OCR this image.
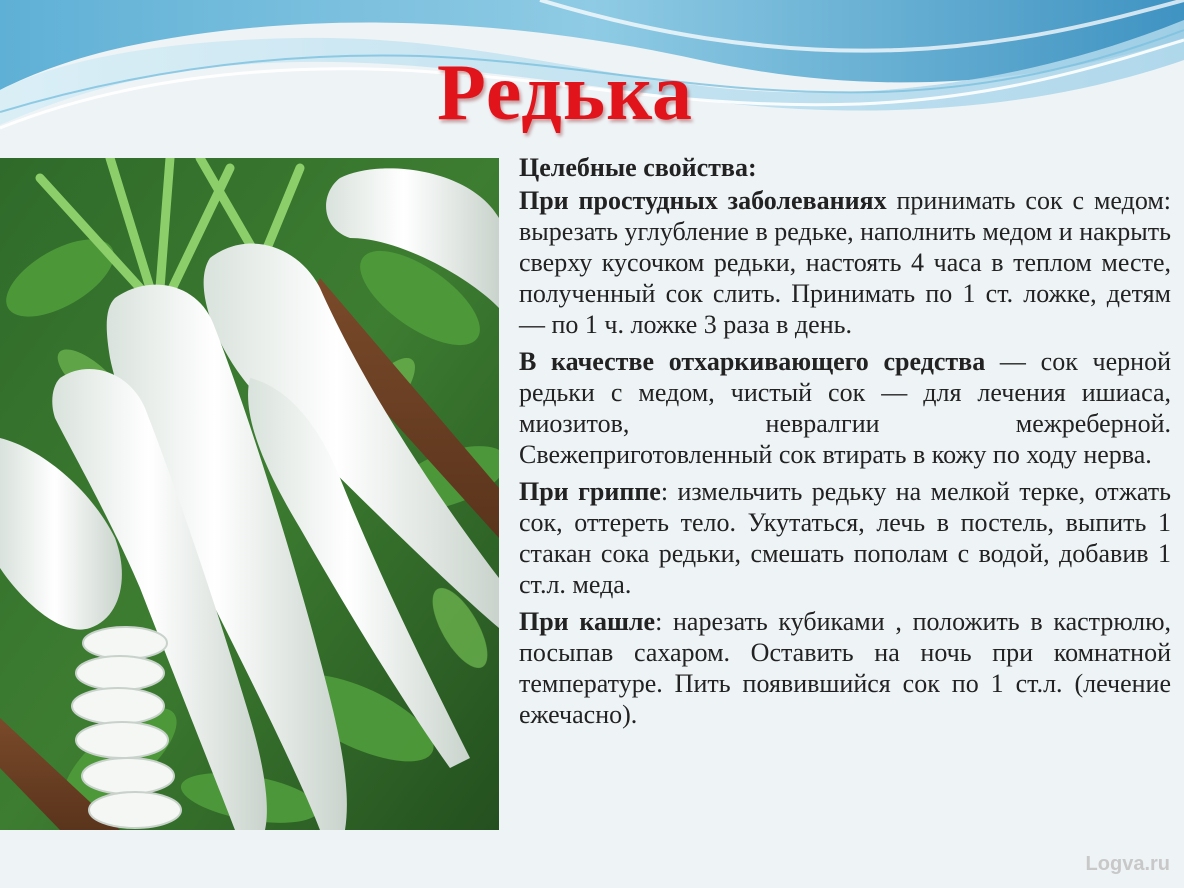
Редька
Целебные свойства:
При простудных заболеваниях принимать сок с медом: вырезать углубление в редьке, наполнить медом и накрыть сверху кусочком редьки, настоять 4 часа в теплом месте, полученный сок слить. Принимать по 1 ст. ложке, детям — по 1 ч. ложке 3 раза в день.
В качестве отхаркивающего средства — сок черной редьки с медом, чистый сок — для лечения ишиаса, миозитов, невралгии межреберной. Свежеприготовленный сок втирать в кожу по ходу нерва.
При гриппе: измельчить редьку на мелкой терке, отжать сок, оттереть тело. Укутаться, лечь в постель, выпить 1 стакан сока редьки, смешать пополам с водой, добавив 1 ст.л. меда.
При кашле: нарезать кубиками , положить в кастрюлю, посыпав сахаром. Оставить на ночь при комнатной температуре. Пить появившийся сок по 1 ст.л. (лечение ежечасно).
Logva.ru
